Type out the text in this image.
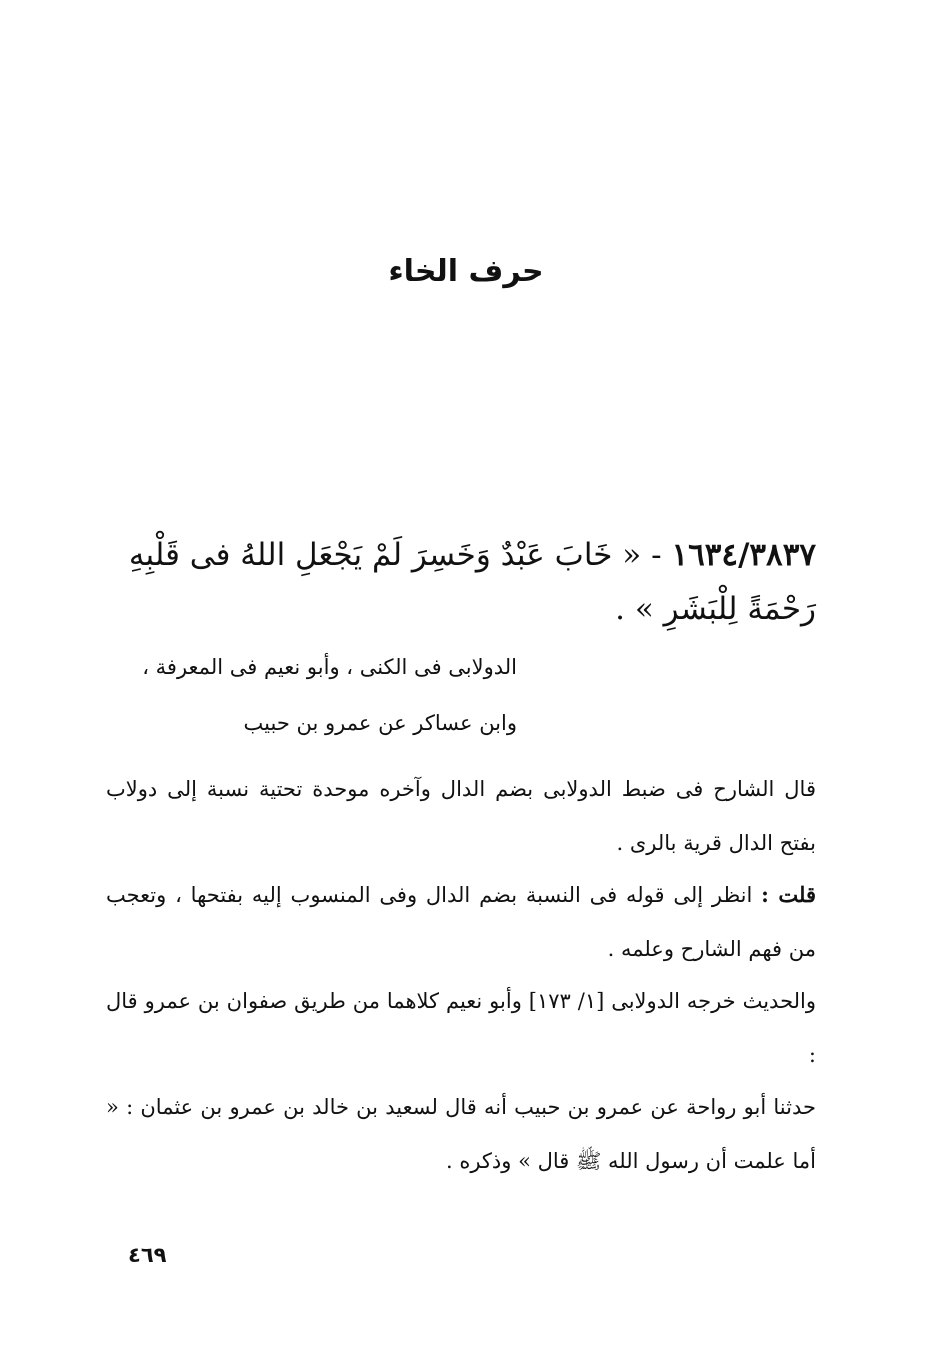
حرف الخاء
١٦٣٤/٣٨٣٧ - « خَابَ عَبْدٌ وَخَسِرَ لَمْ يَجْعَلِ اللهُ فى قَلْبِهِ رَحْمَةً لِلْبَشَرِ » .
الدولابى فى الكنى ، وأبو نعيم فى المعرفة ،
وابن عساكر عن عمرو بن حبيب
قال الشارح فى ضبط الدولابى بضم الدال وآخره موحدة تحتية نسبة إلى دولاب بفتح الدال قرية بالرى .
قلت : انظر إلى قوله فى النسبة بضم الدال وفى المنسوب إليه بفتحها ، وتعجب من فهم الشارح وعلمه .
والحديث خرجه الدولابى [١/ ١٧٣] وأبو نعيم كلاهما من طريق صفوان بن عمرو قال :
حدثنا أبو رواحة عن عمرو بن حبيب أنه قال لسعيد بن خالد بن عمرو بن عثمان : « أما علمت أن رسول الله ﷺ قال » وذكره .
٤٦٩
